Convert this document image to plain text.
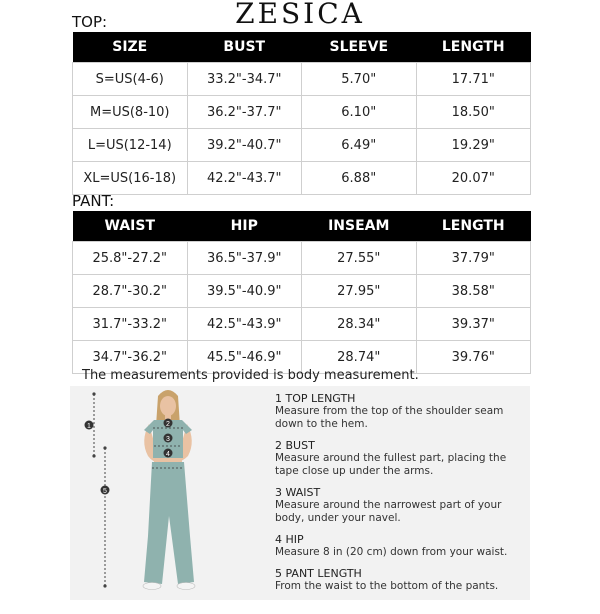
ZESICA
TOP:
SIZE	BUST	SLEEVE	LENGTH
S=US(4-6)	33.2"-34.7"	5.70"	17.71"
M=US(8-10)	36.2"-37.7"	6.10"	18.50"
L=US(12-14)	39.2"-40.7"	6.49"	19.29"
XL=US(16-18)	42.2"-43.7"	6.88"	20.07"
PANT:
WAIST	HIP	INSEAM	LENGTH
25.8"-27.2"	36.5"-37.9"	27.55"	37.79"
28.7"-30.2"	39.5"-40.9"	27.95"	38.58"
31.7"-33.2"	42.5"-43.9"	28.34"	39.37"
34.7"-36.2"	45.5"-46.9"	28.74"	39.76"
The measurements provided is body measurement.
1	2
3
4
5
1 TOP LENGTH
Measure from the top of the shoulder seam down to the hem.
2 BUST
Measure around the fullest part, placing the tape close up under the arms.
3 WAIST
Measure around the narrowest part of your body, under your navel.
4 HIP
Measure 8 in (20 cm) down from your waist.
5 PANT LENGTH
From the waist to the bottom of the pants.
